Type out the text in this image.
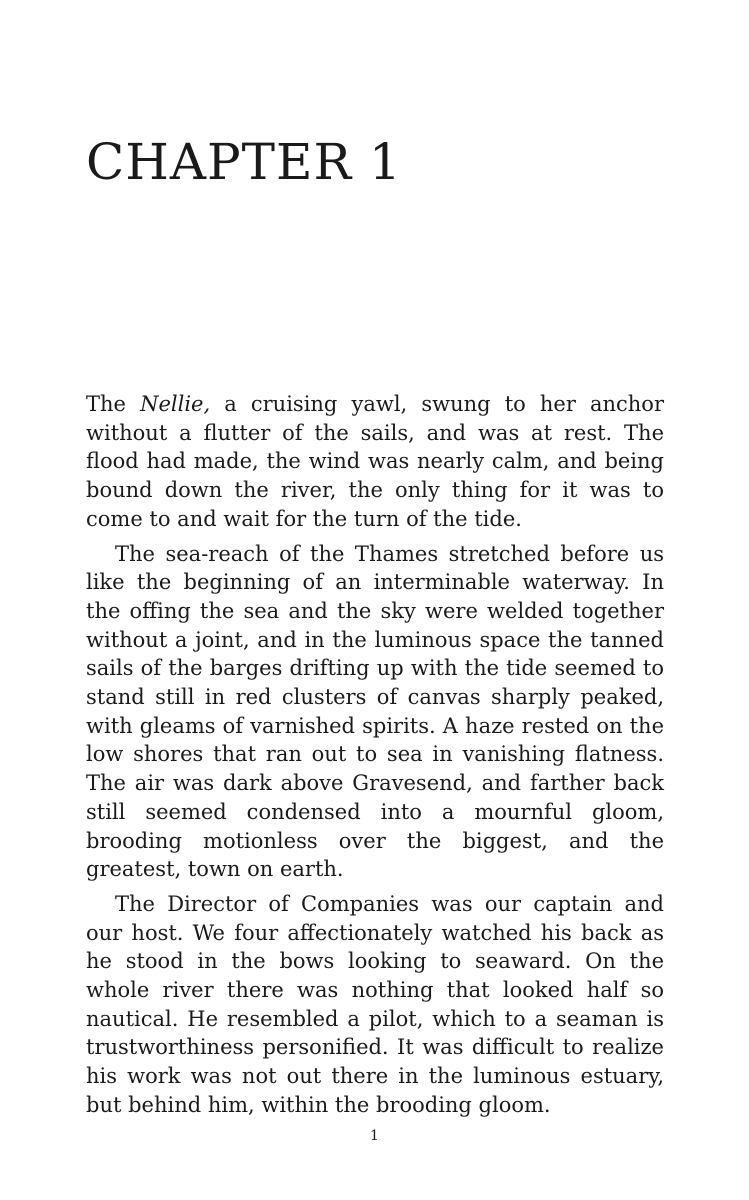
CHAPTER 1

The Nellie, a cruising yawl, swung to her anchor without a flutter of the sails, and was at rest. The flood had made, the wind was nearly calm, and being bound down the river, the only thing for it was to come to and wait for the turn of the tide.

The sea-reach of the Thames stretched before us like the beginning of an interminable waterway. In the offing the sea and the sky were welded together without a joint, and in the luminous space the tanned sails of the barges drifting up with the tide seemed to stand still in red clusters of canvas sharply peaked, with gleams of varnished spirits. A haze rested on the low shores that ran out to sea in vanishing flatness. The air was dark above Gravesend, and farther back still seemed condensed into a mournful gloom, brooding motionless over the biggest, and the greatest, town on earth.

The Director of Companies was our captain and our host. We four affectionately watched his back as he stood in the bows looking to seaward. On the whole river there was nothing that looked half so nautical. He resembled a pilot, which to a seaman is trustworthiness personified. It was difficult to realize his work was not out there in the luminous estuary, but behind him, within the brooding gloom.

1
